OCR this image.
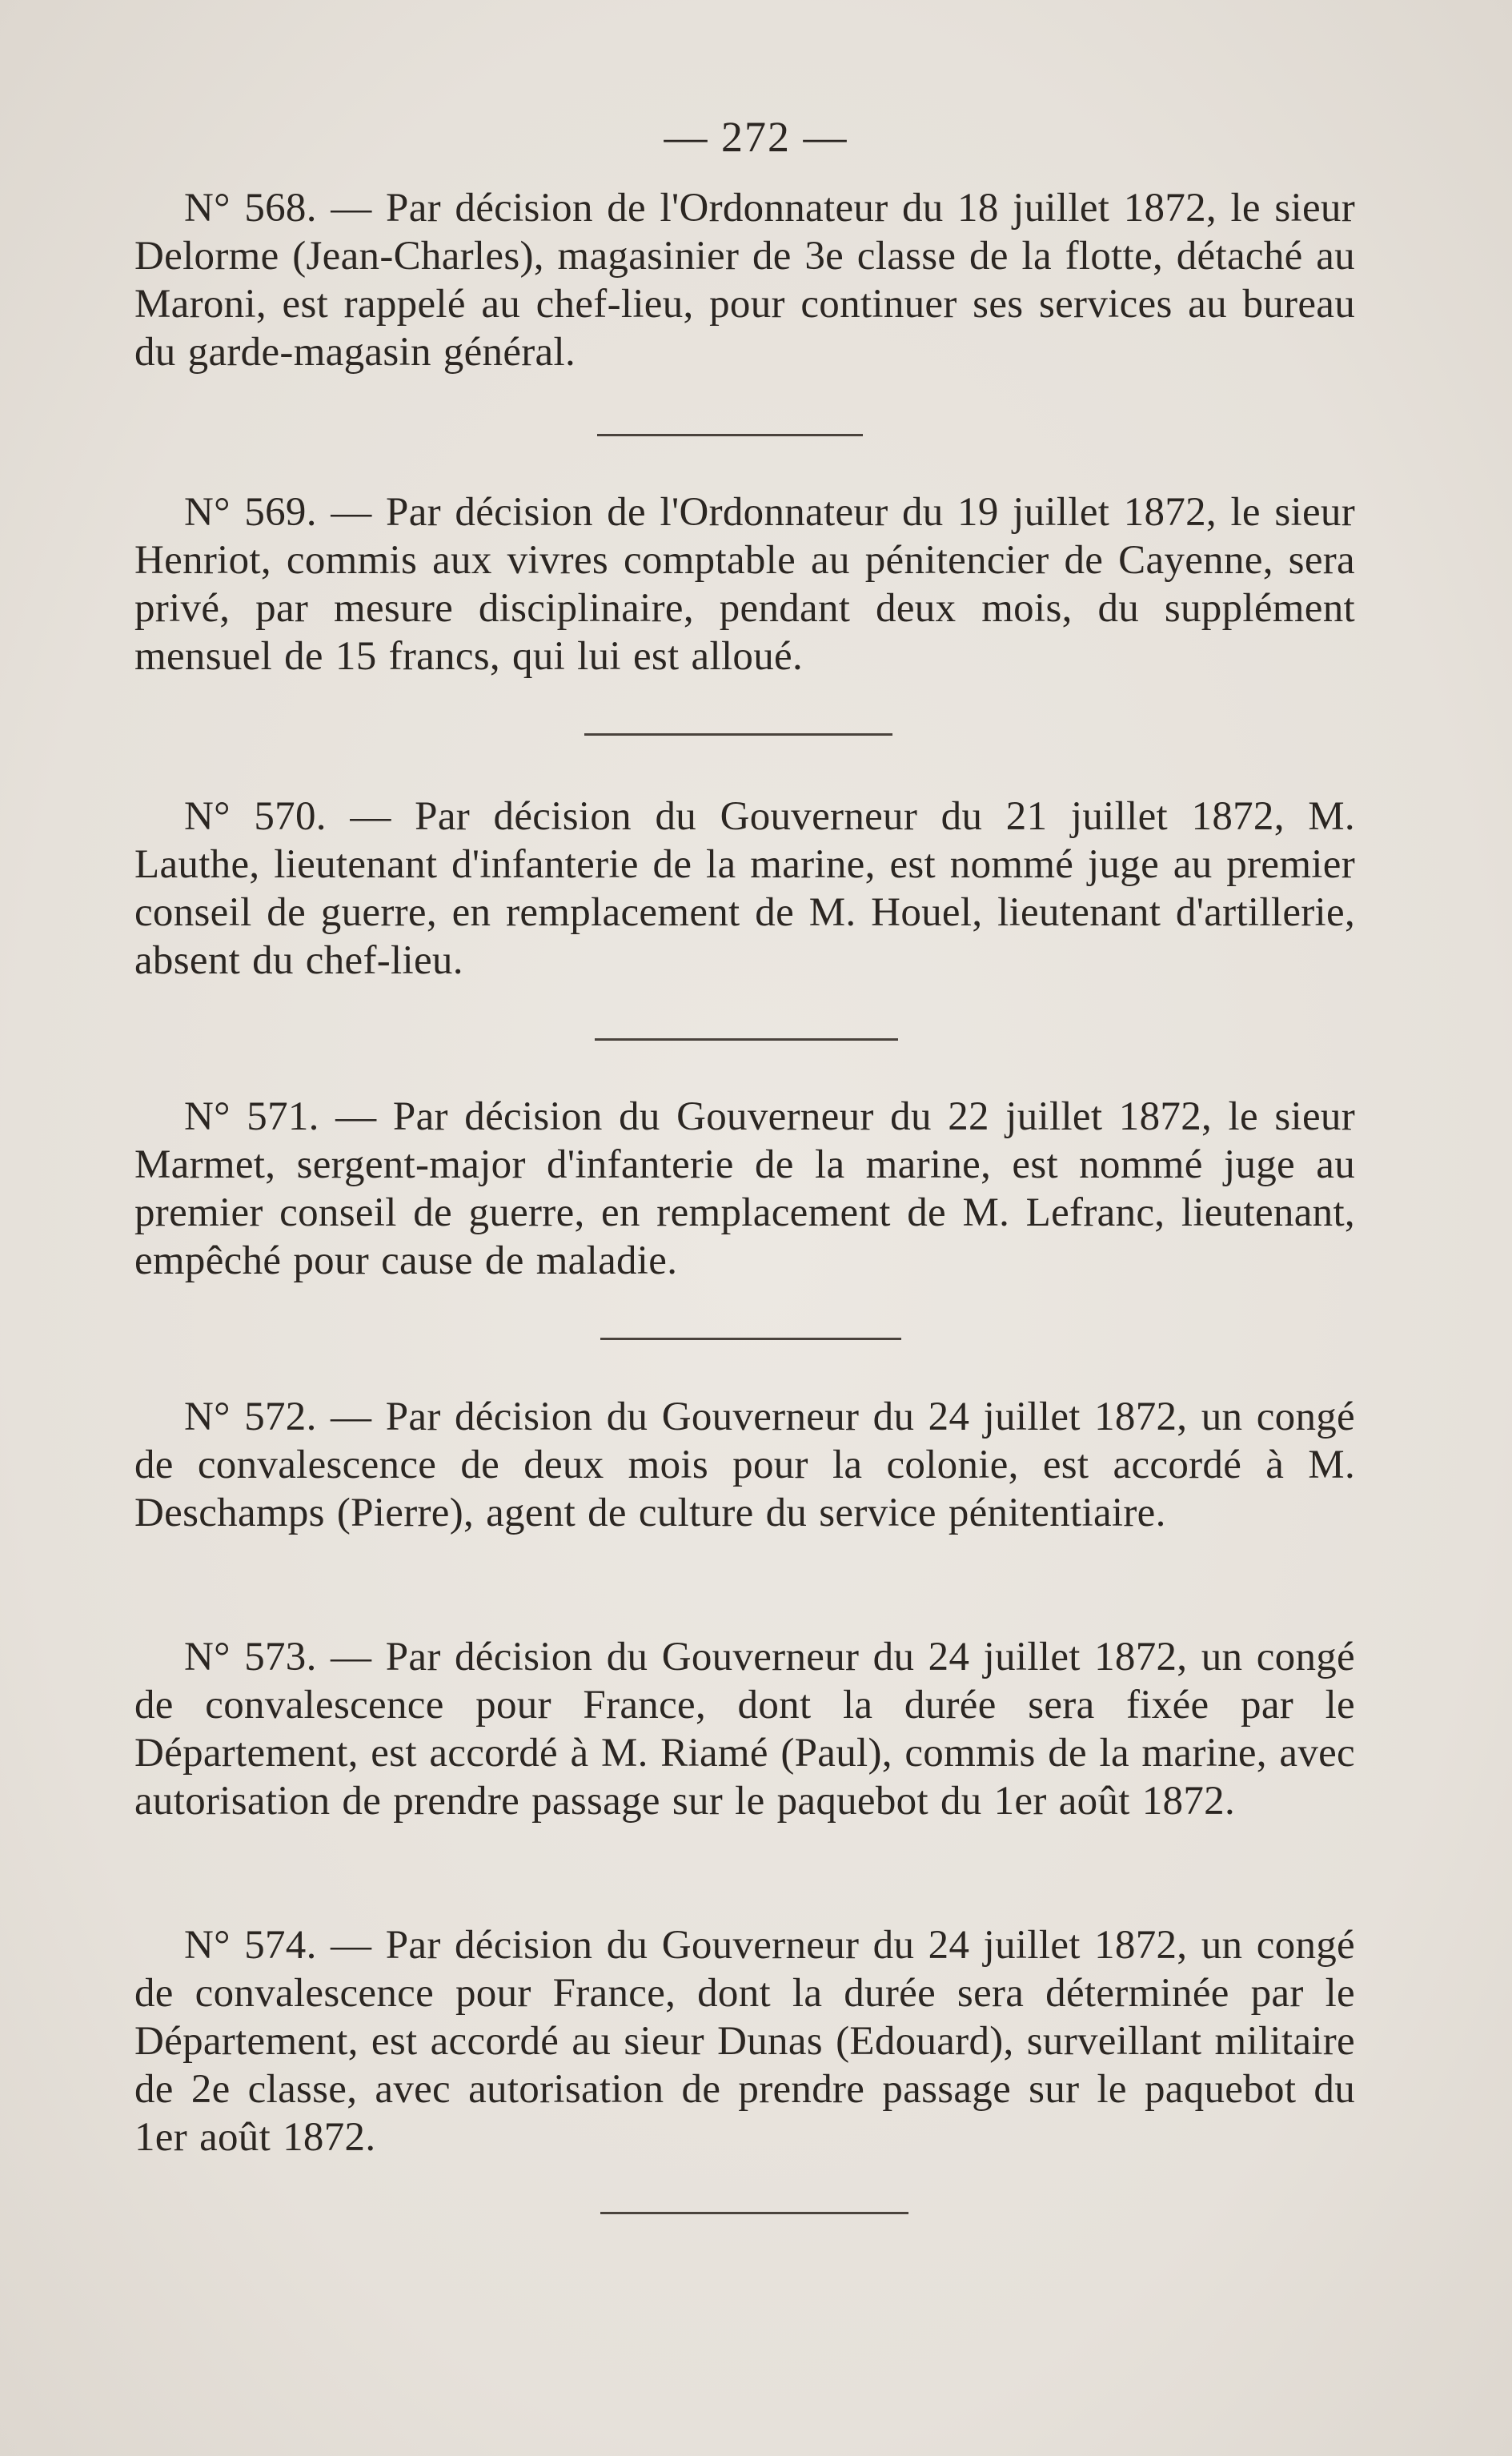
— 272 —

N° 568. — Par décision de l'Ordonnateur du 18 juillet 1872, le sieur Delorme (Jean-Charles), magasinier de 3e classe de la flotte, détaché au Maroni, est rappelé au chef-lieu, pour continuer ses services au bureau du garde-magasin général.

N° 569. — Par décision de l'Ordonnateur du 19 juillet 1872, le sieur Henriot, commis aux vivres comptable au pénitencier de Cayenne, sera privé, par mesure disciplinaire, pendant deux mois, du supplément mensuel de 15 francs, qui lui est alloué.

N° 570. — Par décision du Gouverneur du 21 juillet 1872, M. Lauthe, lieutenant d'infanterie de la marine, est nommé juge au premier conseil de guerre, en remplacement de M. Houel, lieutenant d'artillerie, absent du chef-lieu.

N° 571. — Par décision du Gouverneur du 22 juillet 1872, le sieur Marmet, sergent-major d'infanterie de la marine, est nommé juge au premier conseil de guerre, en remplacement de M. Lefranc, lieutenant, empêché pour cause de maladie.

N° 572. — Par décision du Gouverneur du 24 juillet 1872, un congé de convalescence de deux mois pour la colonie, est accordé à M. Deschamps (Pierre), agent de culture du service pénitentiaire.

N° 573. — Par décision du Gouverneur du 24 juillet 1872, un congé de convalescence pour France, dont la durée sera fixée par le Département, est accordé à M. Riamé (Paul), commis de la marine, avec autorisation de prendre passage sur le paquebot du 1er août 1872.

N° 574. — Par décision du Gouverneur du 24 juillet 1872, un congé de convalescence pour France, dont la durée sera déterminée par le Département, est accordé au sieur Dunas (Edouard), surveillant militaire de 2e classe, avec autorisation de prendre passage sur le paquebot du 1er août 1872.
